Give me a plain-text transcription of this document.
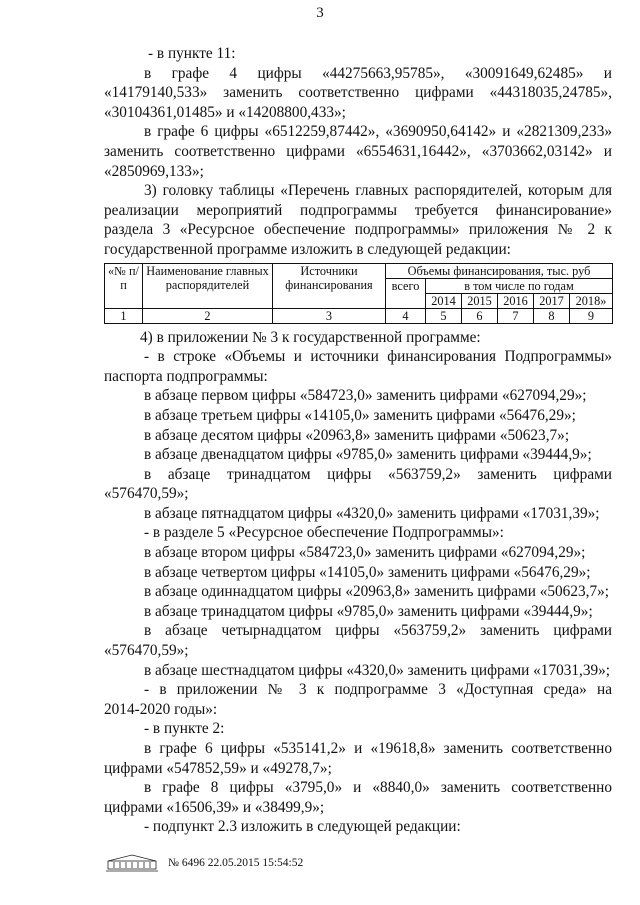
3
- в пункте 11:
в графе 4 цифры «44275663,95785», «30091649,62485» и
«14179140,533» заменить соответственно цифрами «44318035,24785»,
«30104361,01485» и «14208800,433»;
в графе 6 цифры «6512259,87442», «3690950,64142» и «2821309,233»
заменить соответственно цифрами «6554631,16442», «3703662,03142» и
«2850969,133»;
3) головку таблицы «Перечень главных распорядителей, которым для
реализации мероприятий подпрограммы требуется финансирование»
раздела 3 «Ресурсное обеспечение подпрограммы» приложения № 2 к
государственной программе изложить в следующей редакции:
«№ п/п	Наименование главных распорядителей	Источники финансирования	Объемы финансирования, тыс. руб					
			всего	в том числе по годам				
				2014	2015	2016	2017	2018»
1	2	3	4	5	6	7	8	9
4) в приложении № 3 к государственной программе:
- в строке «Объемы и источники финансирования Подпрограммы»
паспорта подпрограммы:
в абзаце первом цифры «584723,0» заменить цифрами «627094,29»;
в абзаце третьем цифры «14105,0» заменить цифрами «56476,29»;
в абзаце десятом цифры «20963,8» заменить цифрами «50623,7»;
в абзаце двенадцатом цифры «9785,0» заменить цифрами «39444,9»;
в абзаце тринадцатом цифры «563759,2» заменить цифрами
«576470,59»;
в абзаце пятнадцатом цифры «4320,0» заменить цифрами «17031,39»;
- в разделе 5 «Ресурсное обеспечение Подпрограммы»:
в абзаце втором цифры «584723,0» заменить цифрами «627094,29»;
в абзаце четвертом цифры «14105,0» заменить цифрами «56476,29»;
в абзаце одиннадцатом цифры «20963,8» заменить цифрами «50623,7»;
в абзаце тринадцатом цифры «9785,0» заменить цифрами «39444,9»;
в абзаце четырнадцатом цифры «563759,2» заменить цифрами
«576470,59»;
в абзаце шестнадцатом цифры «4320,0» заменить цифрами «17031,39»;
- в приложении № 3 к подпрограмме 3 «Доступная среда» на
2014-2020 годы»:
- в пункте 2:
в графе 6 цифры «535141,2» и «19618,8» заменить соответственно
цифрами «547852,59» и «49278,7»;
в графе 8 цифры «3795,0» и «8840,0» заменить соответственно
цифрами «16506,39» и «38499,9»;
- подпункт 2.3 изложить в следующей редакции:
№ 6496 22.05.2015 15:54:52
